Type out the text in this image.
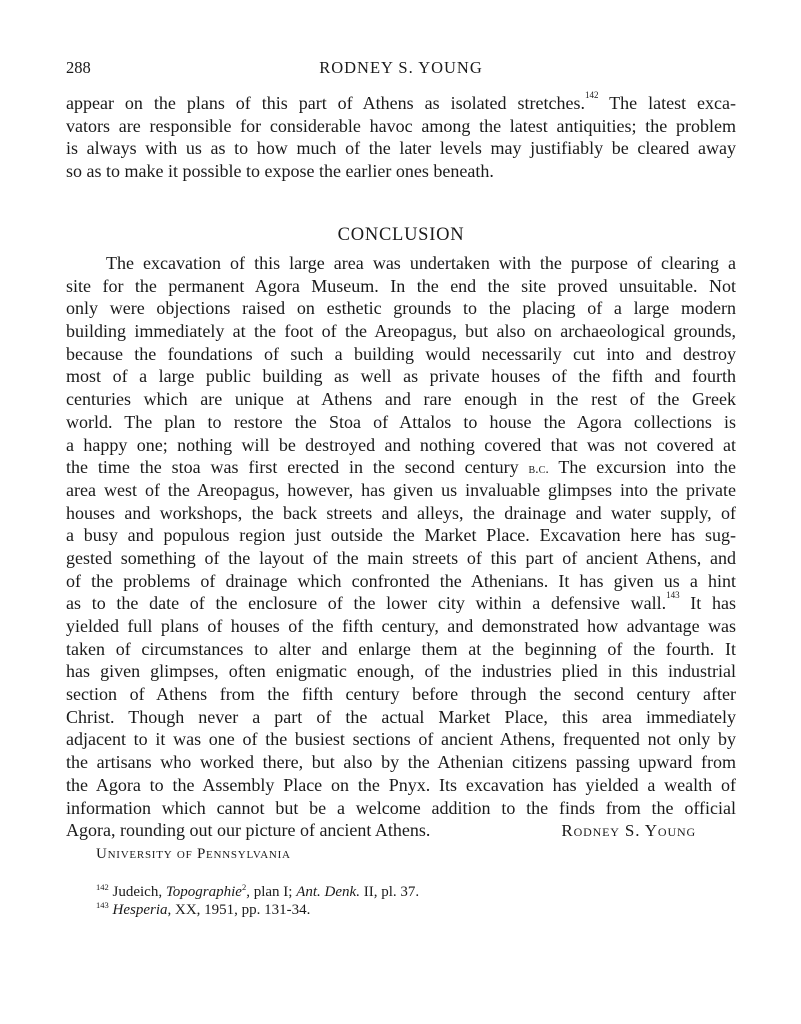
288	RODNEY S. YOUNG
appear on the plans of this part of Athens as isolated stretches.$^{142}$ The latest exca-
vators are responsible for considerable havoc among the latest antiquities; the problem
is always with us as to how much of the later levels may justifiably be cleared away
so as to make it possible to expose the earlier ones beneath.
CONCLUSION
The excavation of this large area was undertaken with the purpose of clearing a
site for the permanent Agora Museum. In the end the site proved unsuitable. Not
only were objections raised on esthetic grounds to the placing of a large modern
building immediately at the foot of the Areopagus, but also on archaeological grounds,
because the foundations of such a building would necessarily cut into and destroy
most of a large public building as well as private houses of the fifth and fourth
centuries which are unique at Athens and rare enough in the rest of the Greek
world. The plan to restore the Stoa of Attalos to house the Agora collections is
a happy one; nothing will be destroyed and nothing covered that was not covered at
the time the stoa was first erected in the second century b.c. The excursion into the
area west of the Areopagus, however, has given us invaluable glimpses into the private
houses and workshops, the back streets and alleys, the drainage and water supply, of
a busy and populous region just outside the Market Place. Excavation here has sug-
gested something of the layout of the main streets of this part of ancient Athens, and
of the problems of drainage which confronted the Athenians. It has given us a hint
as to the date of the enclosure of the lower city within a defensive wall.$^{143}$ It has
yielded full plans of houses of the fifth century, and demonstrated how advantage was
taken of circumstances to alter and enlarge them at the beginning of the fourth. It
has given glimpses, often enigmatic enough, of the industries plied in this industrial
section of Athens from the fifth century before through the second century after
Christ. Though never a part of the actual Market Place, this area immediately
adjacent to it was one of the busiest sections of ancient Athens, frequented not only by
the artisans who worked there, but also by the Athenian citizens passing upward from
the Agora to the Assembly Place on the Pnyx. Its excavation has yielded a wealth of
information which cannot but be a welcome addition to the finds from the official
Agora, rounding out our picture of ancient Athens.	Rodney S. Young
University of Pennsylvania
$^{142}$ Judeich, Topographie$^2$, plan I; Ant. Denk. II, pl. 37.
$^{143}$ Hesperia, XX, 1951, pp. 131-34.
